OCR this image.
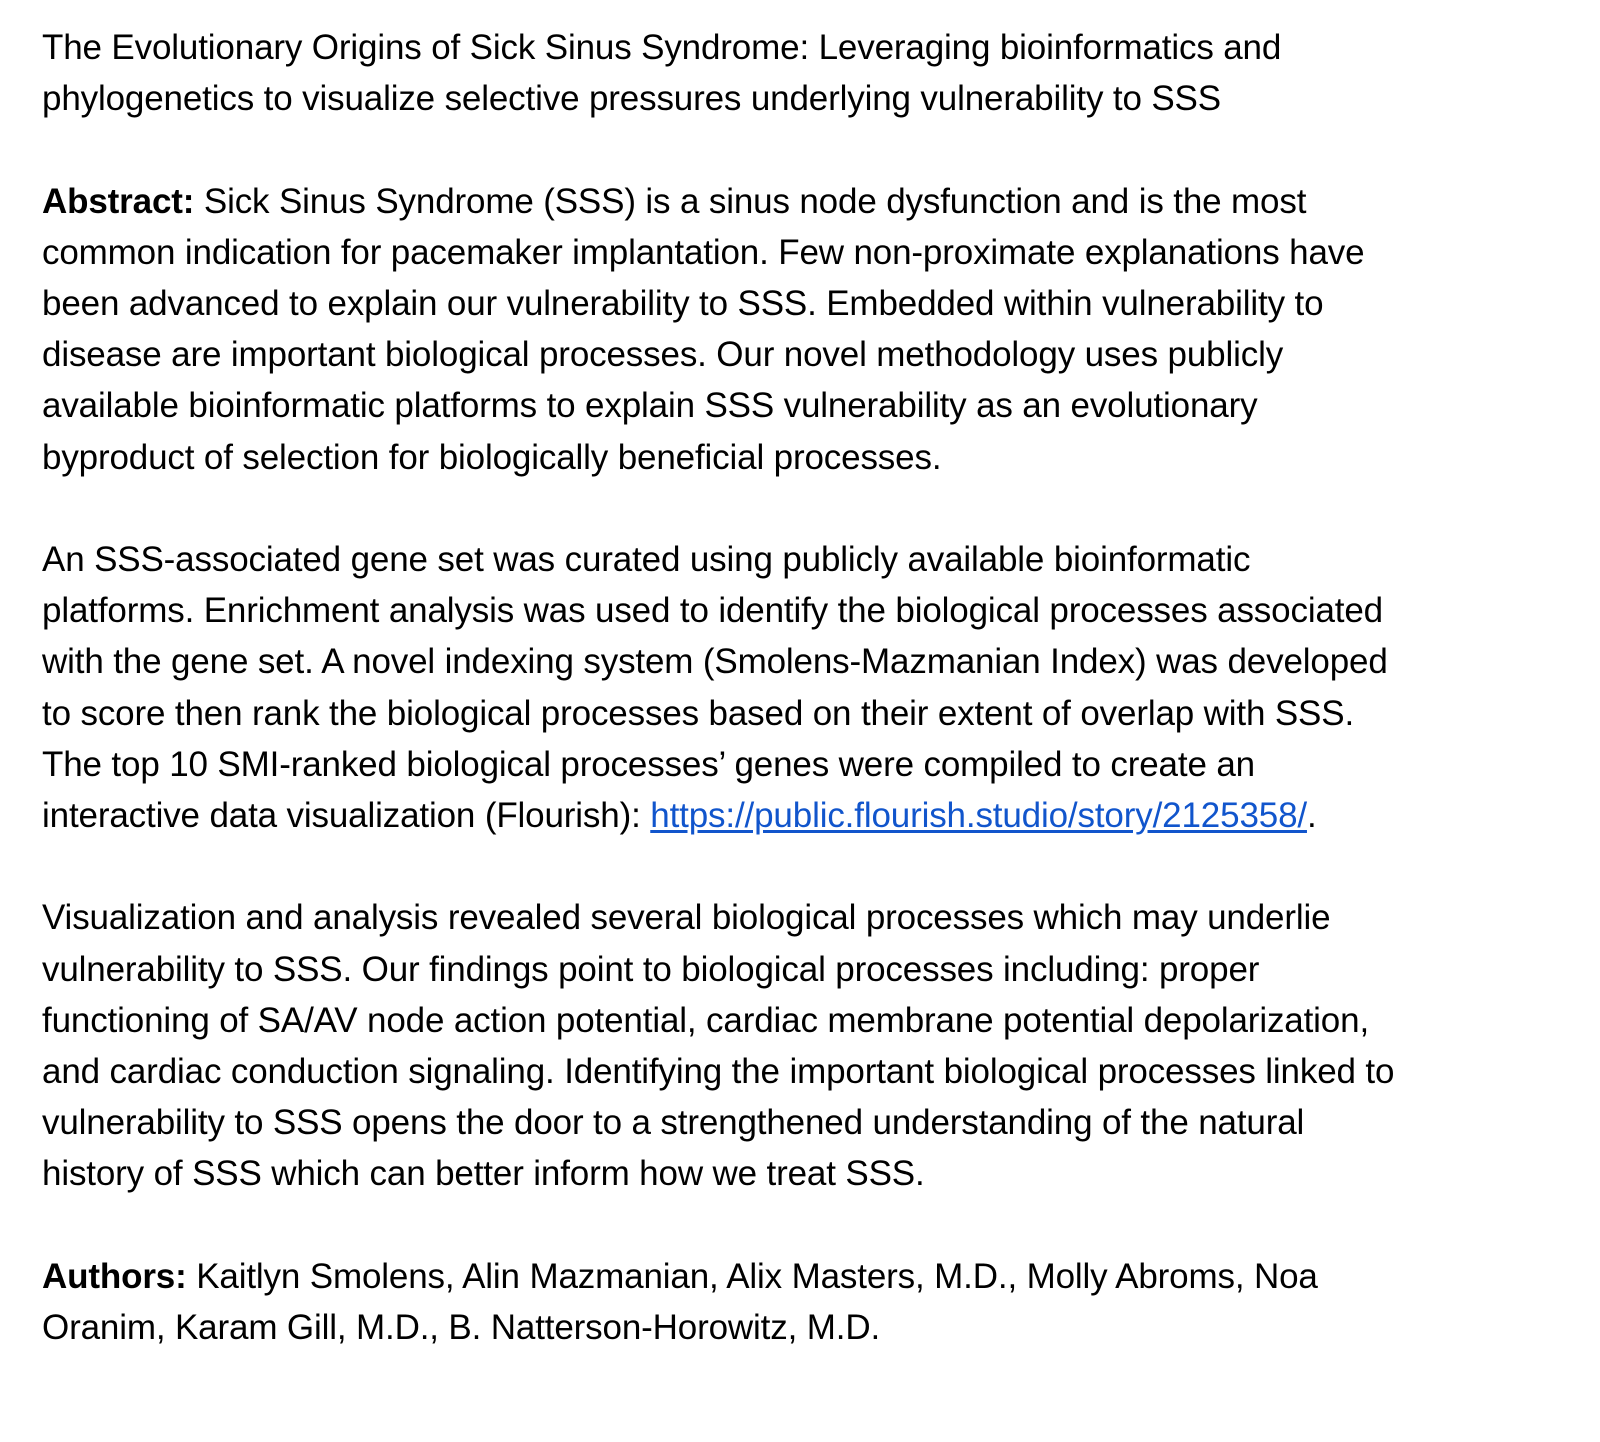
The Evolutionary Origins of Sick Sinus Syndrome: Leveraging bioinformatics and
phylogenetics to visualize selective pressures underlying vulnerability to SSS

Abstract: Sick Sinus Syndrome (SSS) is a sinus node dysfunction and is the most
common indication for pacemaker implantation. Few non-proximate explanations have
been advanced to explain our vulnerability to SSS. Embedded within vulnerability to
disease are important biological processes. Our novel methodology uses publicly
available bioinformatic platforms to explain SSS vulnerability as an evolutionary
byproduct of selection for biologically beneficial processes.

An SSS-associated gene set was curated using publicly available bioinformatic
platforms. Enrichment analysis was used to identify the biological processes associated
with the gene set. A novel indexing system (Smolens-Mazmanian Index) was developed
to score then rank the biological processes based on their extent of overlap with SSS.
The top 10 SMI-ranked biological processes’ genes were compiled to create an
interactive data visualization (Flourish): https://public.flourish.studio/story/2125358/.

Visualization and analysis revealed several biological processes which may underlie
vulnerability to SSS. Our findings point to biological processes including: proper
functioning of SA/AV node action potential, cardiac membrane potential depolarization,
and cardiac conduction signaling. Identifying the important biological processes linked to
vulnerability to SSS opens the door to a strengthened understanding of the natural
history of SSS which can better inform how we treat SSS.

Authors: Kaitlyn Smolens, Alin Mazmanian, Alix Masters, M.D., Molly Abroms, Noa
Oranim, Karam Gill, M.D., B. Natterson-Horowitz, M.D.
